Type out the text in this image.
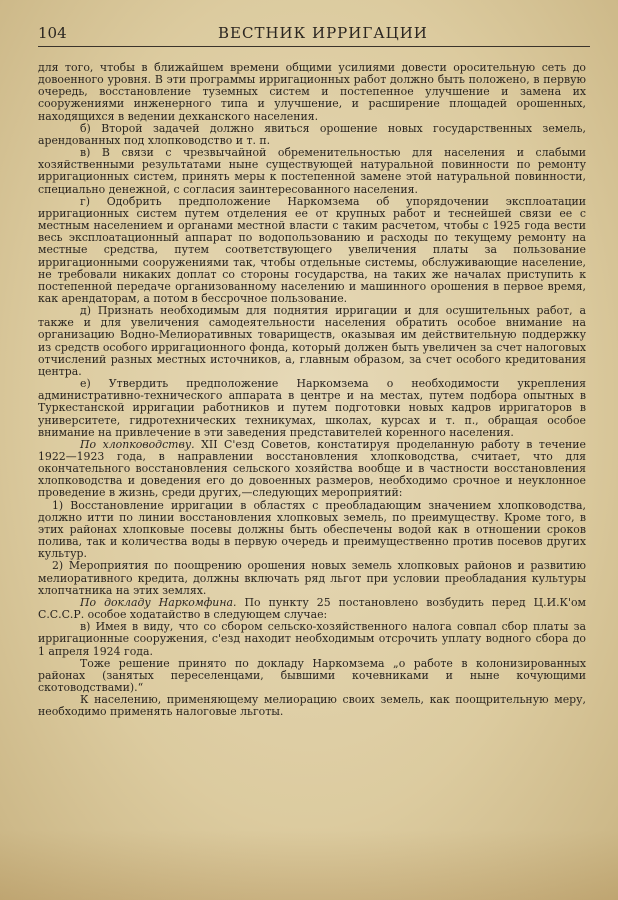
104	ВЕСТНИК ИРРИГАЦИИ

для того, чтобы в ближайшем времени общими усилиями довести оросительную сеть до довоенного уровня. В эти программы ирригационных работ должно быть положено, в первую очередь, восстановление туземных систем и постепенное улучшение и замена их сооружениями инженерного типа и улучшение, и расширение площадей орошенных, находящихся в ведении дехканского населения.

б) Второй задачей должно явиться орошение новых государственных земель, арендованных под хлопководство и т. п.

в) В связи с чрезвычайной обременительностью для населения и слабыми хозяйственными результатами ныне существующей натуральной повинности по ремонту ирригационных систем, принять меры к постепенной замене этой натуральной повинности, специально денежной, с согласия заинтересованного населения.

г) Одобрить предположение Наркомзема об упорядочении эксплоатации ирригационных систем путем отделения ее от крупных работ и теснейшей связи ее с местным населением и органами местной власти с таким расчетом, чтобы с 1925 года вести весь эксплоатационный аппарат по водопользованию и расходы по текущему ремонту на местные средства, путем соответствующего увеличения платы за пользование ирригационными сооружениями так, чтобы отдельные системы, обслуживающие население, не требовали никаких доплат со стороны государства, на таких же началах приступить к постепенной передаче организованному населению и машинного орошения в первое время, как арендаторам, а потом в бессрочное пользование.

д) Признать необходимым для поднятия ирригации и для осушительных работ, а также и для увеличения самодеятельности населения обратить особое внимание на организацию Водно-Мелиоративных товариществ, оказывая им действительную поддержку из средств особого ирригационного фонда, который должен быть увеличен за счет налоговых отчислений разных местных источников, а, главным образом, за счет особого кредитования центра.

е) Утвердить предположение Наркомзема о необходимости укрепления административно-технического аппарата в центре и на местах, путем подбора опытных в Туркестанской ирригации работников и путем подготовки новых кадров ирригаторов в университете, гидротехнических техникумах, школах, курсах и т. п., обращая особое внимание на привлечение в эти заведения представителей коренного населения.

По хлопководству. XII С'езд Советов, констатируя проделанную работу в течение 1922—1923 года, в направлении восстановления хлопководства, считает, что для окончательного восстановления сельского хозяйства вообще и в частности восстановления хлопководства и доведения его до довоенных размеров, необходимо срочное и неуклонное проведение в жизнь, среди других,—следующих мероприятий:

1) Восстановление ирригации в областях с преобладающим значением хлопководства, должно итти по линии восстановления хлопковых земель, по преимуществу. Кроме того, в этих районах хлопковые посевы должны быть обеспечены водой как в отношении сроков полива, так и количества воды в первую очередь и преимущественно против посевов других культур.

2) Мероприятия по поощрению орошения новых земель хлопковых районов и развитию мелиоративного кредита, должны включать ряд льгот при условии преобладания культуры хлопчатника на этих землях.

По докладу Наркомфина. По пункту 25 постановлено возбудить перед Ц.И.К'ом С.С.С.Р. особое ходатайство в следующем случае:

в) Имея в виду, что со сбором сельско-хозяйственного налога совпал сбор платы за ирригационные сооружения, с'езд находит необходимым отсрочить уплату водного сбора до 1 апреля 1924 года.

Тоже решение принято по докладу Наркомзема „о работе в колонизированных районах (занятых переселенцами, бывшими кочевниками и ныне кочующими скотоводствами).“

К населению, применяющему мелиорацию своих земель, как поощрительную меру, необходимо применять налоговые льготы.
